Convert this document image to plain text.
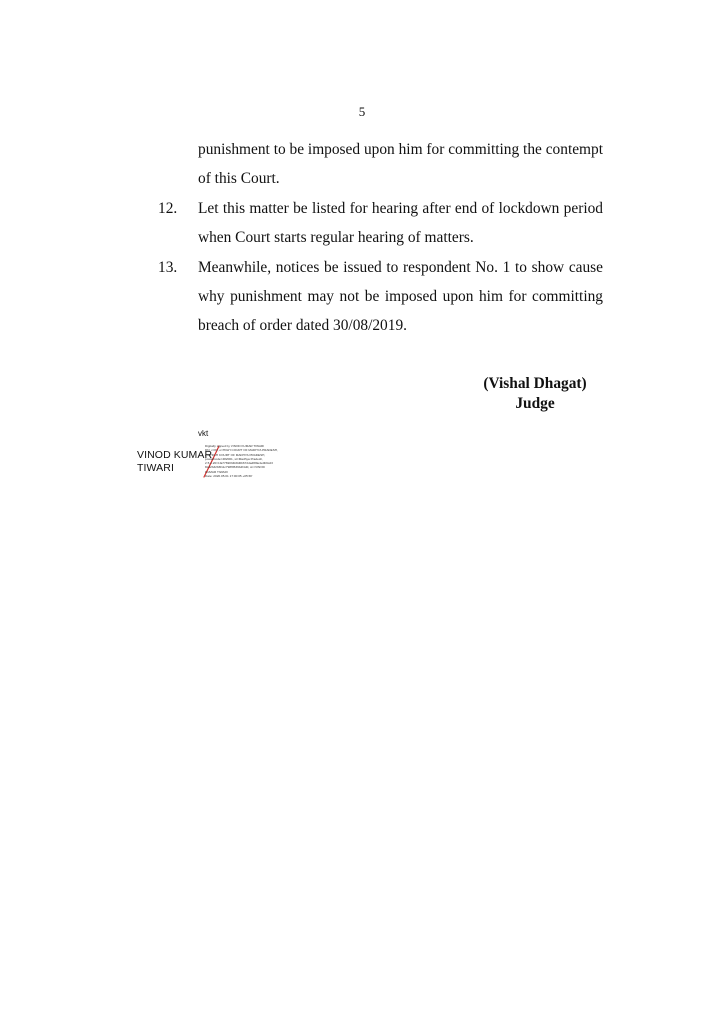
5
punishment to be imposed upon him for committing the contempt of this Court.
12. Let this matter be listed for hearing after end of lockdown period when Court starts regular hearing of matters.
13. Meanwhile, notices be issued to respondent No. 1 to show cause why punishment may not be imposed upon him for committing breach of order dated 30/08/2019.
(Vishal Dhagat)
Judge
vkt
VINOD KUMAR
TIWARI
Digitally signed by VINOD KUMAR TIWARI
DN: c=IN, o=HIGH COURT OF MADHYA PRADESH,
ou=HIGH COURT OF MADHYA PRADESH,
postalCode=482001, st=Madhya Pradesh,
2.5.4.20=1fa7769034b8d0b672da4f89e4e0b9cd3
8cd2b32b6f11c798f9539b4f4d0, cn=VINOD
KUMAR TIWARI
Date: 2020.05.01 17:00:05 +05'30'
